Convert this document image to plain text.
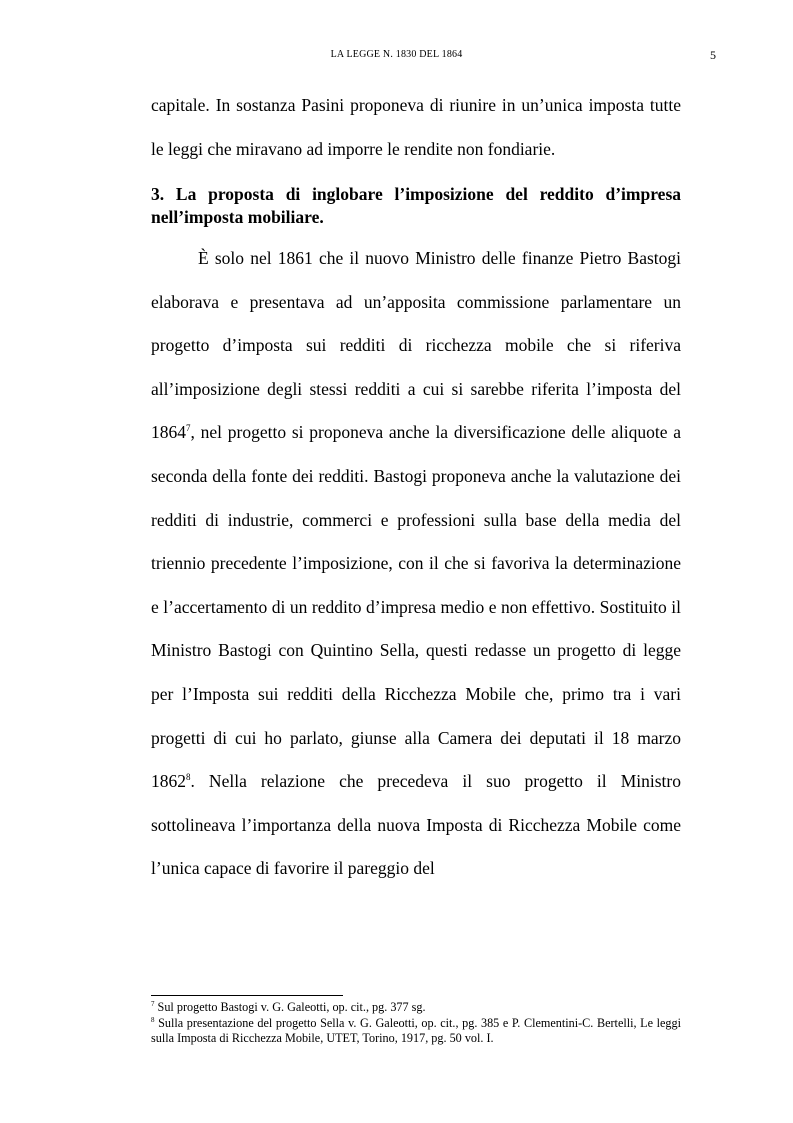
LA LEGGE N. 1830 DEL 1864	5

capitale. In sostanza Pasini proponeva di riunire in un’unica imposta tutte le leggi che miravano ad imporre le rendite non fondiarie.

3. La proposta di inglobare l’imposizione del reddito d’impresa nell’imposta mobiliare.

È solo nel 1861 che il nuovo Ministro delle finanze Pietro Bastogi elaborava e presentava ad un’apposita commissione parlamentare un progetto d’imposta sui redditi di ricchezza mobile che si riferiva all’imposizione degli stessi redditi a cui si sarebbe riferita l’imposta del 1864$^7$, nel progetto si proponeva anche la diversificazione delle aliquote a seconda della fonte dei redditi. Bastogi proponeva anche la valutazione dei redditi di industrie, commerci e professioni sulla base della media del triennio precedente l’imposizione, con il che si favoriva la determinazione e l’accertamento di un reddito d’impresa medio e non effettivo. Sostituito il Ministro Bastogi con Quintino Sella, questi redasse un progetto di legge per l’Imposta sui redditi della Ricchezza Mobile che, primo tra i vari progetti di cui ho parlato, giunse alla Camera dei deputati il 18 marzo 1862$^8$. Nella relazione che precedeva il suo progetto il Ministro sottolineava l’importanza della nuova Imposta di Ricchezza Mobile come l’unica capace di favorire il pareggio del

$^7$ Sul progetto Bastogi v. G. Galeotti, op. cit., pg. 377 sg.

$^8$ Sulla presentazione del progetto Sella v. G. Galeotti, op. cit., pg. 385 e P. Clementini-C. Bertelli, Le leggi sulla Imposta di Ricchezza Mobile, UTET, Torino, 1917, pg. 50 vol. I.
